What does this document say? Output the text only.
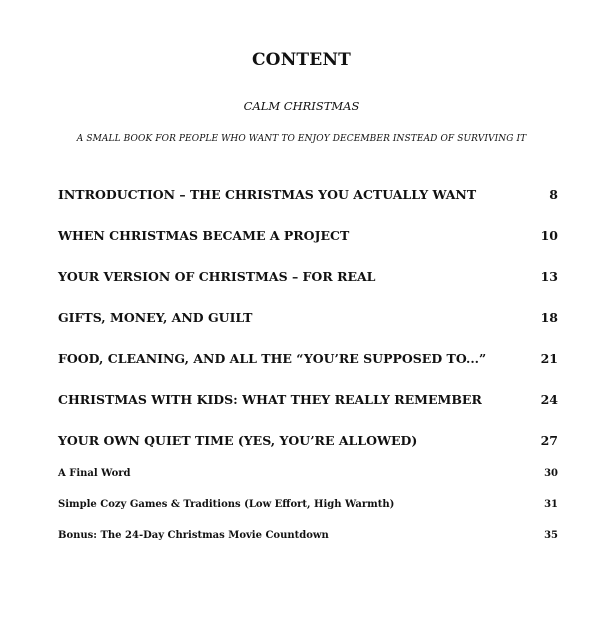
CONTENT
CALM CHRISTMAS
A SMALL BOOK FOR PEOPLE WHO WANT TO ENJOY DECEMBER INSTEAD OF SURVIVING IT
INTRODUCTION – THE CHRISTMAS YOU ACTUALLY WANT	8
WHEN CHRISTMAS BECAME A PROJECT	10
YOUR VERSION OF CHRISTMAS – FOR REAL	13
GIFTS, MONEY, AND GUILT	18
FOOD, CLEANING, AND ALL THE “YOU’RE SUPPOSED TO...”	21
CHRISTMAS WITH KIDS: WHAT THEY REALLY REMEMBER	24
YOUR OWN QUIET TIME (YES, YOU’RE ALLOWED)	27
A Final Word	30
Simple Cozy Games & Traditions (Low Effort, High Warmth)	31
Bonus: The 24-Day Christmas Movie Countdown	35
